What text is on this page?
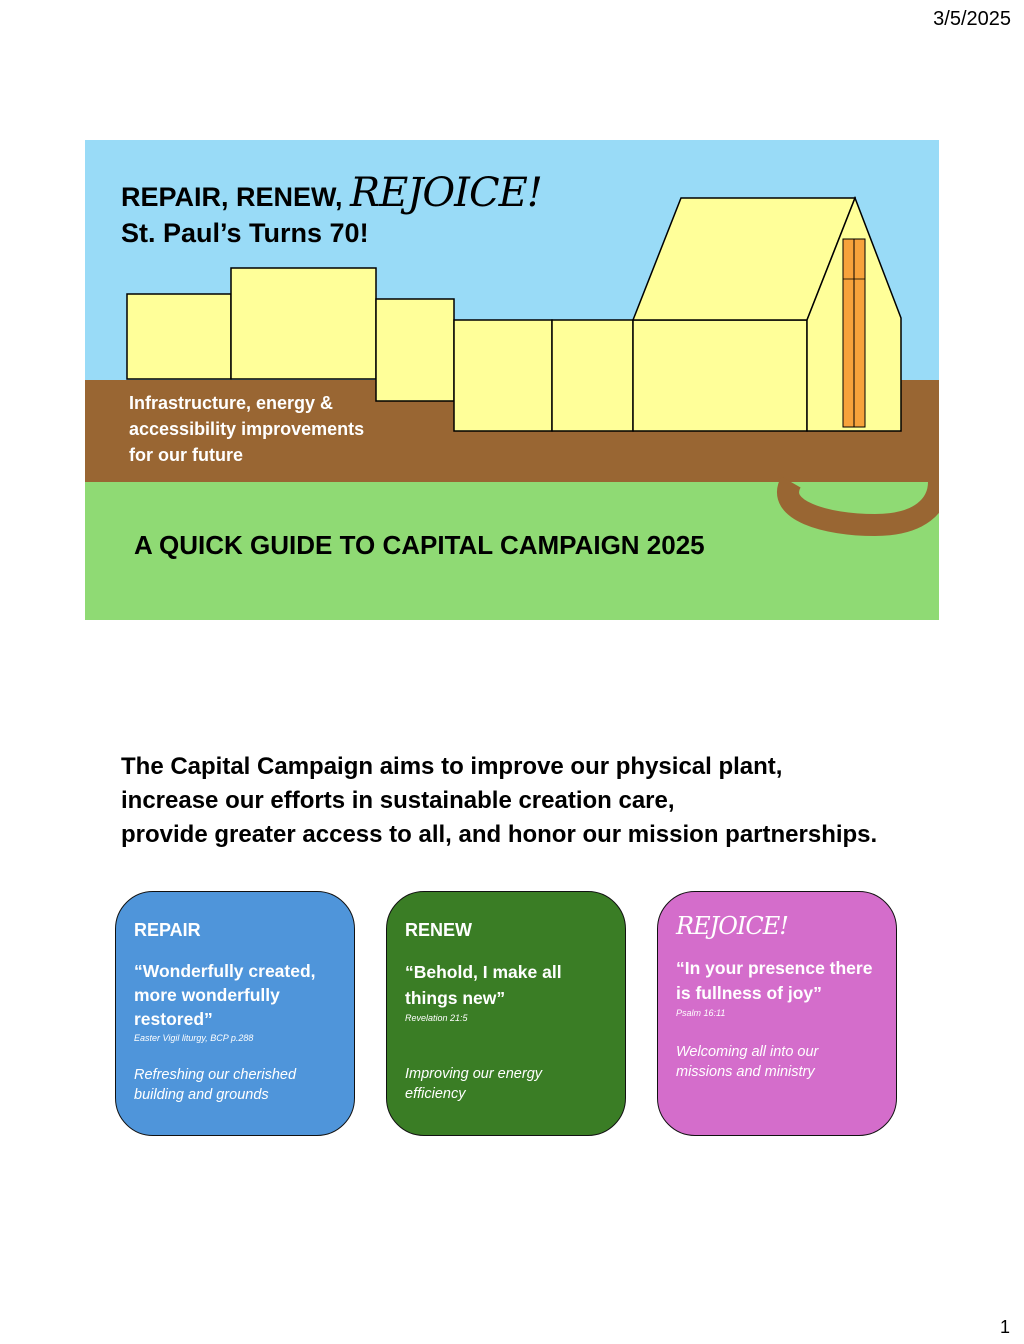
3/5/2025
REPAIR, RENEW, REJOICE!
St. Paul’s Turns 70!
Infrastructure, energy & accessibility improvements for our future
A QUICK GUIDE TO CAPITAL CAMPAIGN 2025
The Capital Campaign aims to improve our physical plant,
increase our efforts in sustainable creation care,
provide greater access to all, and honor our mission partnerships.
REPAIR
“Wonderfully created, more wonderfully restored”
Easter Vigil liturgy, BCP p.288
Refreshing our cherished building and grounds
RENEW
“Behold, I make all things new”
Revelation 21:5
Improving our energy efficiency
REJOICE!
“In your presence there is fullness of joy”
Psalm 16:11
Welcoming all into our missions and ministry
1
